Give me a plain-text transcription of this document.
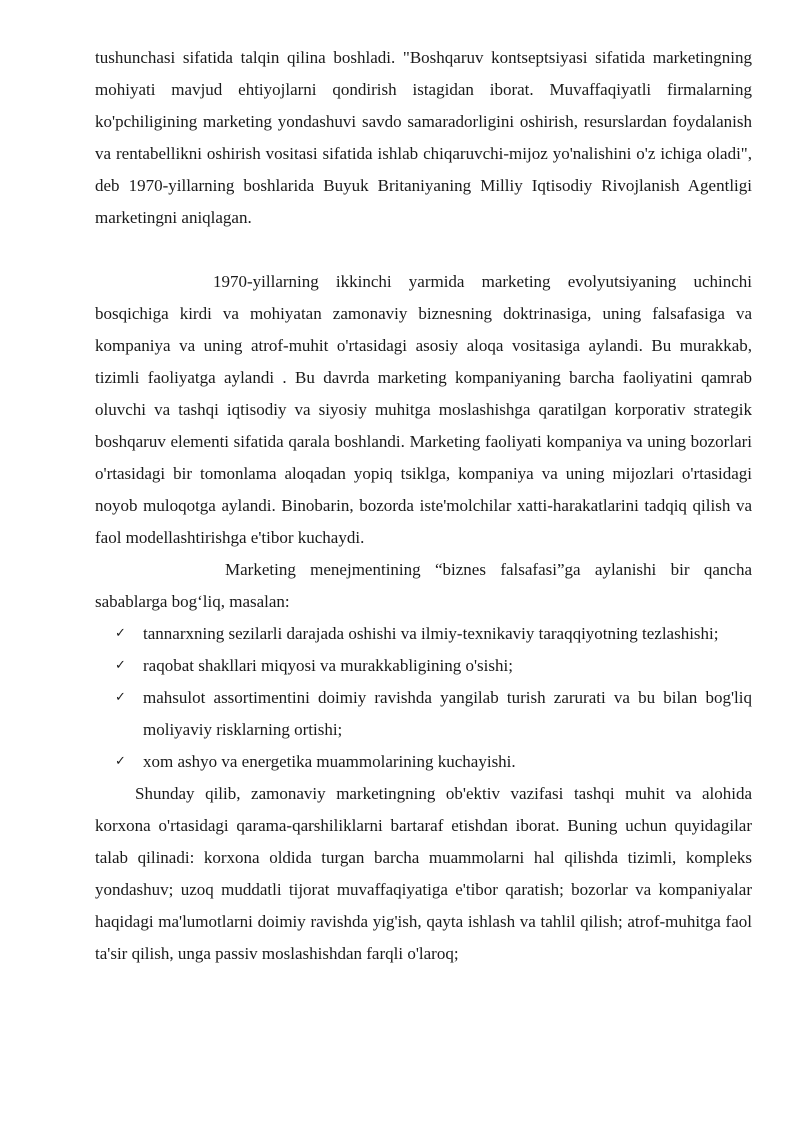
tushunchasi sifatida talqin qilina boshladi. "Boshqaruv kontseptsiyasi sifatida marketingning mohiyati mavjud ehtiyojlarni qondirish istagidan iborat. Muvaffaqiyatli firmalarning ko'pchiligining marketing yondashuvi savdo samaradorligini oshirish, resurslardan foydalanish va rentabellikni oshirish vositasi sifatida ishlab chiqaruvchi-mijoz yo'nalishini o'z ichiga oladi", deb 1970-yillarning boshlarida Buyuk Britaniyaning Milliy Iqtisodiy Rivojlanish Agentligi marketingni aniqlagan.

1970-yillarning ikkinchi yarmida marketing evolyutsiyaning uchinchi bosqichiga kirdi va mohiyatan zamonaviy biznesning doktrinasiga, uning falsafasiga va kompaniya va uning atrof-muhit o'rtasidagi asosiy aloqa vositasiga aylandi. Bu murakkab, tizimli faoliyatga aylandi . Bu davrda marketing kompaniyaning barcha faoliyatini qamrab oluvchi va tashqi iqtisodiy va siyosiy muhitga moslashishga qaratilgan korporativ strategik boshqaruv elementi sifatida qarala boshlandi. Marketing faoliyati kompaniya va uning bozorlari o'rtasidagi bir tomonlama aloqadan yopiq tsiklga, kompaniya va uning mijozlari o'rtasidagi noyob muloqotga aylandi. Binobarin, bozorda iste'molchilar xatti-harakatlarini tadqiq qilish va faol modellashtirishga e'tibor kuchaydi.

Marketing menejmentining “biznes falsafasi”ga aylanishi bir qancha sabablarga bog‘liq, masalan:

✓ tannarxning sezilarli darajada oshishi va ilmiy-texnikaviy taraqqiyotning tezlashishi;
✓ raqobat shakllari miqyosi va murakkabligining o'sishi;
✓ mahsulot assortimentini doimiy ravishda yangilab turish zarurati va bu bilan bog'liq moliyaviy risklarning ortishi;
✓ xom ashyo va energetika muammolarining kuchayishi.

Shunday qilib, zamonaviy marketingning ob'ektiv vazifasi tashqi muhit va alohida korxona o'rtasidagi qarama-qarshiliklarni bartaraf etishdan iborat. Buning uchun quyidagilar talab qilinadi: korxona oldida turgan barcha muammolarni hal qilishda tizimli, kompleks yondashuv; uzoq muddatli tijorat muvaffaqiyatiga e'tibor qaratish; bozorlar va kompaniyalar haqidagi ma'lumotlarni doimiy ravishda yig'ish, qayta ishlash va tahlil qilish; atrof-muhitga faol ta'sir qilish, unga passiv moslashishdan farqli o'laroq;
